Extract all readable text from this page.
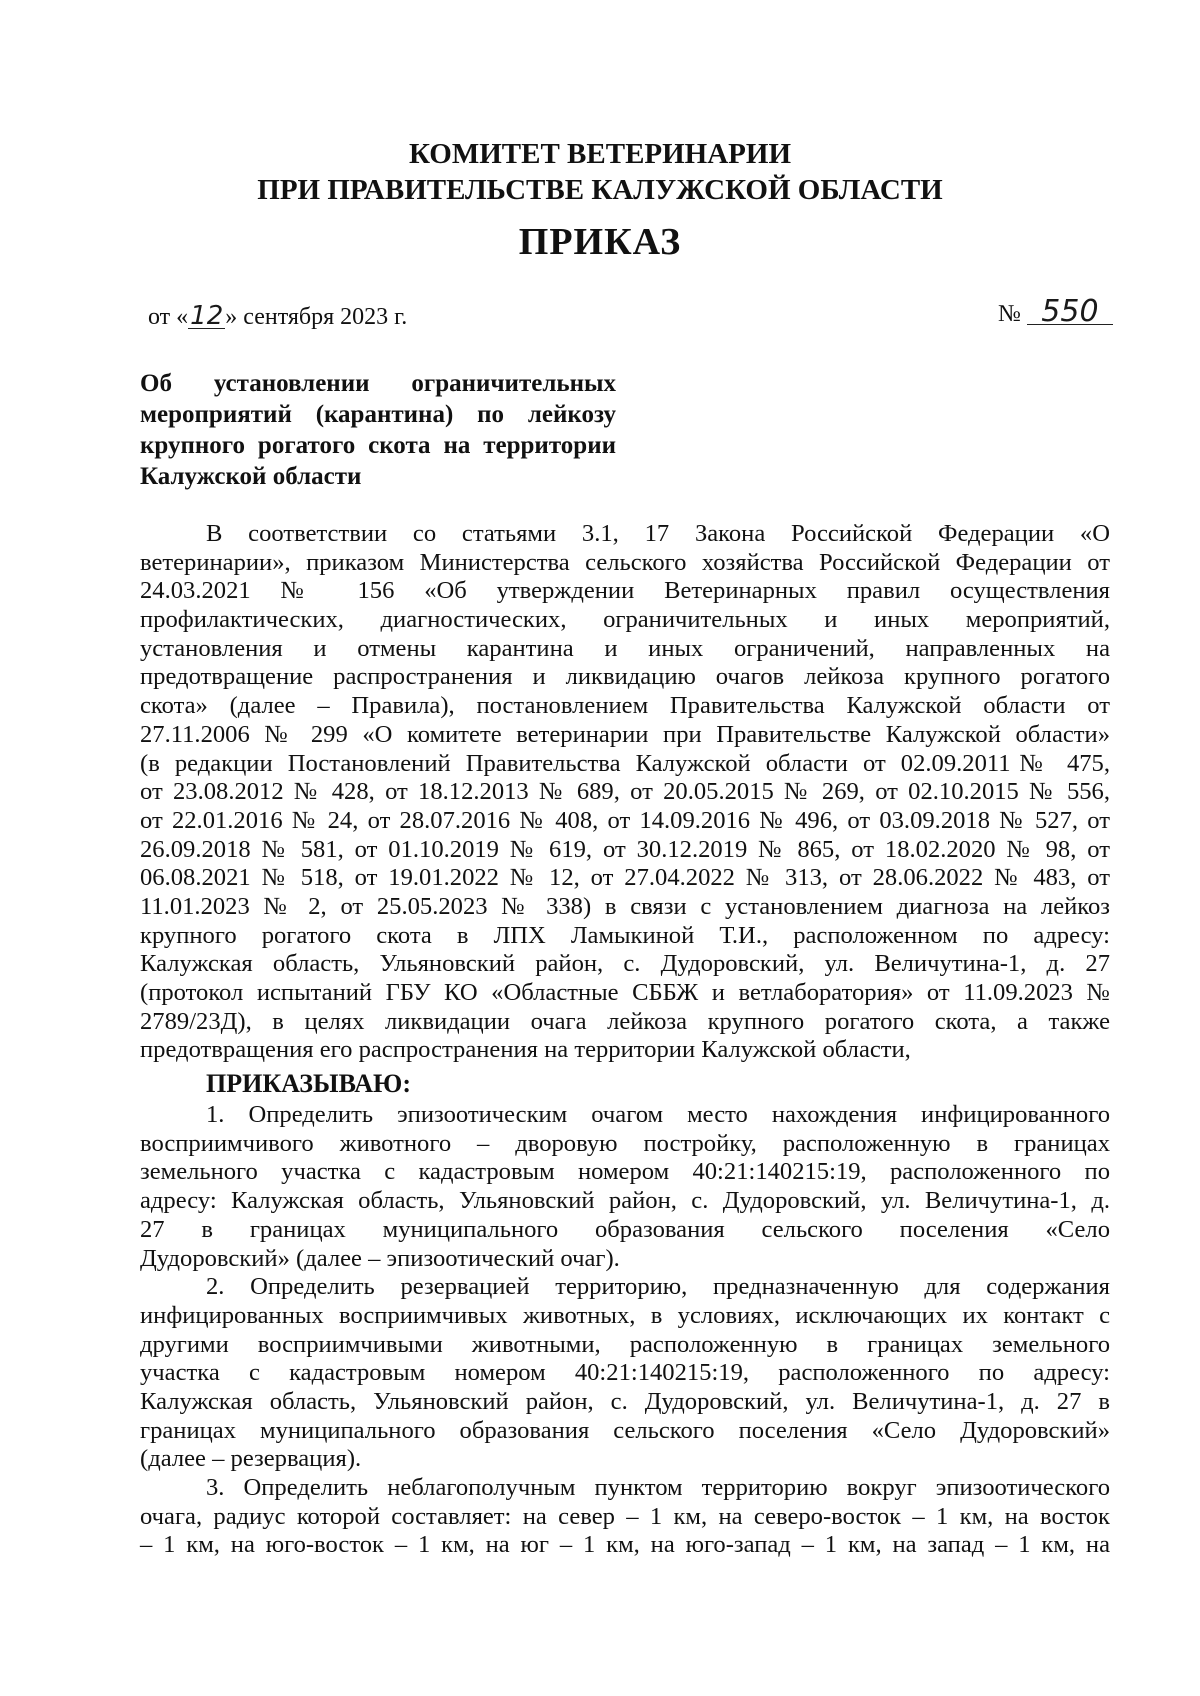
КОМИТЕТ ВЕТЕРИНАРИИ
ПРИ ПРАВИТЕЛЬСТВЕ КАЛУЖСКОЙ ОБЛАСТИ
ПРИКАЗ
от «12» сентября 2023 г.	№ 550
Об установлении ограничительных
мероприятий (карантина) по лейкозу
крупного рогатого скота на территории
Калужской области
В соответствии со статьями 3.1, 17 Закона Российской Федерации «О
ветеринарии», приказом Министерства сельского хозяйства Российской Федерации от
24.03.2021 № 156 «Об утверждении Ветеринарных правил осуществления
профилактических, диагностических, ограничительных и иных мероприятий,
установления и отмены карантина и иных ограничений, направленных на
предотвращение распространения и ликвидацию очагов лейкоза крупного рогатого
скота» (далее – Правила), постановлением Правительства Калужской области от
27.11.2006 № 299 «О комитете ветеринарии при Правительстве Калужской области»
(в редакции Постановлений Правительства Калужской области от 02.09.2011№ 475,
от 23.08.2012 № 428, от 18.12.2013 № 689, от 20.05.2015 № 269, от 02.10.2015 № 556,
от 22.01.2016 № 24, от 28.07.2016 № 408, от 14.09.2016 № 496, от 03.09.2018 № 527, от
26.09.2018 № 581, от 01.10.2019 № 619, от 30.12.2019 № 865, от 18.02.2020 № 98, от
06.08.2021 № 518, от 19.01.2022 № 12, от 27.04.2022 № 313, от 28.06.2022 № 483, от
11.01.2023 № 2, от 25.05.2023 № 338) в связи с установлением диагноза на лейкоз
крупного рогатого скота в ЛПХ Ламыкиной Т.И., расположенном по адресу:
Калужская область, Ульяновский район, с. Дудоровский, ул. Величутина-1, д. 27
(протокол испытаний ГБУ КО «Областные СББЖ и ветлаборатория» от 11.09.2023 №
2789/23Д), в целях ликвидации очага лейкоза крупного рогатого скота, а также
предотвращения его распространения на территории Калужской области,
ПРИКАЗЫВАЮ:
1. Определить эпизоотическим очагом место нахождения инфицированного
восприимчивого животного – дворовую постройку, расположенную в границах
земельного участка с кадастровым номером 40:21:140215:19, расположенного по
адресу: Калужская область, Ульяновский район, с. Дудоровский, ул. Величутина-1, д.
27 в границах муниципального образования сельского поселения «Село
Дудоровский» (далее – эпизоотический очаг).
2. Определить резервацией территорию, предназначенную для содержания
инфицированных восприимчивых животных, в условиях, исключающих их контакт с
другими восприимчивыми животными, расположенную в границах земельного
участка с кадастровым номером 40:21:140215:19, расположенного по адресу:
Калужская область, Ульяновский район, с. Дудоровский, ул. Величутина-1, д. 27 в
границах муниципального образования сельского поселения «Село Дудоровский»
(далее – резервация).
3. Определить неблагополучным пунктом территорию вокруг эпизоотического
очага, радиус которой составляет: на север – 1 км, на северо-восток – 1 км, на восток
– 1 км, на юго-восток – 1 км, на юг – 1 км, на юго-запад – 1 км, на запад – 1 км, на
